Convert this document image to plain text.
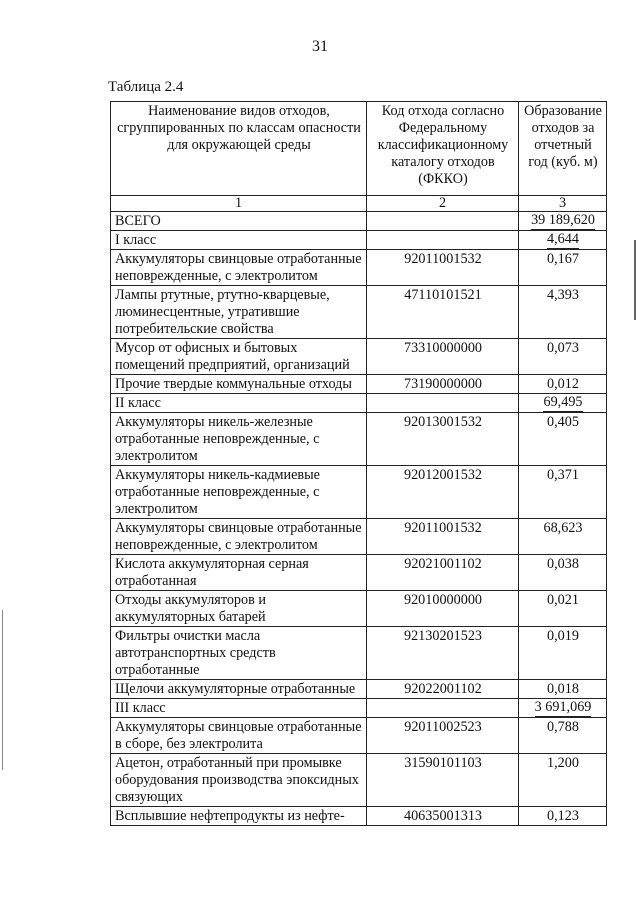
31
Таблица 2.4
Наименование видов отходов, сгруппированных по классам опасности для окружающей среды	Код отхода согласно Федеральному классификационному каталогу отходов (ФККО)	Образование отходов за отчетный год (куб. м)
1	2	3
ВСЕГО		39 189,620
I класс		4,644
Аккумуляторы свинцовые отработанные неповрежденные, с электролитом	92011001532	0,167
Лампы ртутные, ртутно-кварцевые, люминесцентные, утратившие потребительские свойства	47110101521	4,393
Мусор от офисных и бытовых помещений предприятий, организаций	73310000000	0,073
Прочие твердые коммунальные отходы	73190000000	0,012
II класс		69,495
Аккумуляторы никель-железные отработанные неповрежденные, с электролитом	92013001532	0,405
Аккумуляторы никель-кадмиевые отработанные неповрежденные, с электролитом	92012001532	0,371
Аккумуляторы свинцовые отработанные неповрежденные, с электролитом	92011001532	68,623
Кислота аккумуляторная серная отработанная	92021001102	0,038
Отходы аккумуляторов и аккумуляторных батарей	92010000000	0,021
Фильтры очистки масла автотранспортных средств отработанные	92130201523	0,019
Щелочи аккумуляторные отработанные	92022001102	0,018
III класс		3 691,069
Аккумуляторы свинцовые отработанные в сборе, без электролита	92011002523	0,788
Ацетон, отработанный при промывке оборудования производства эпоксидных связующих	31590101103	1,200
Всплывшие нефтепродукты из нефте-	40635001313	0,123
